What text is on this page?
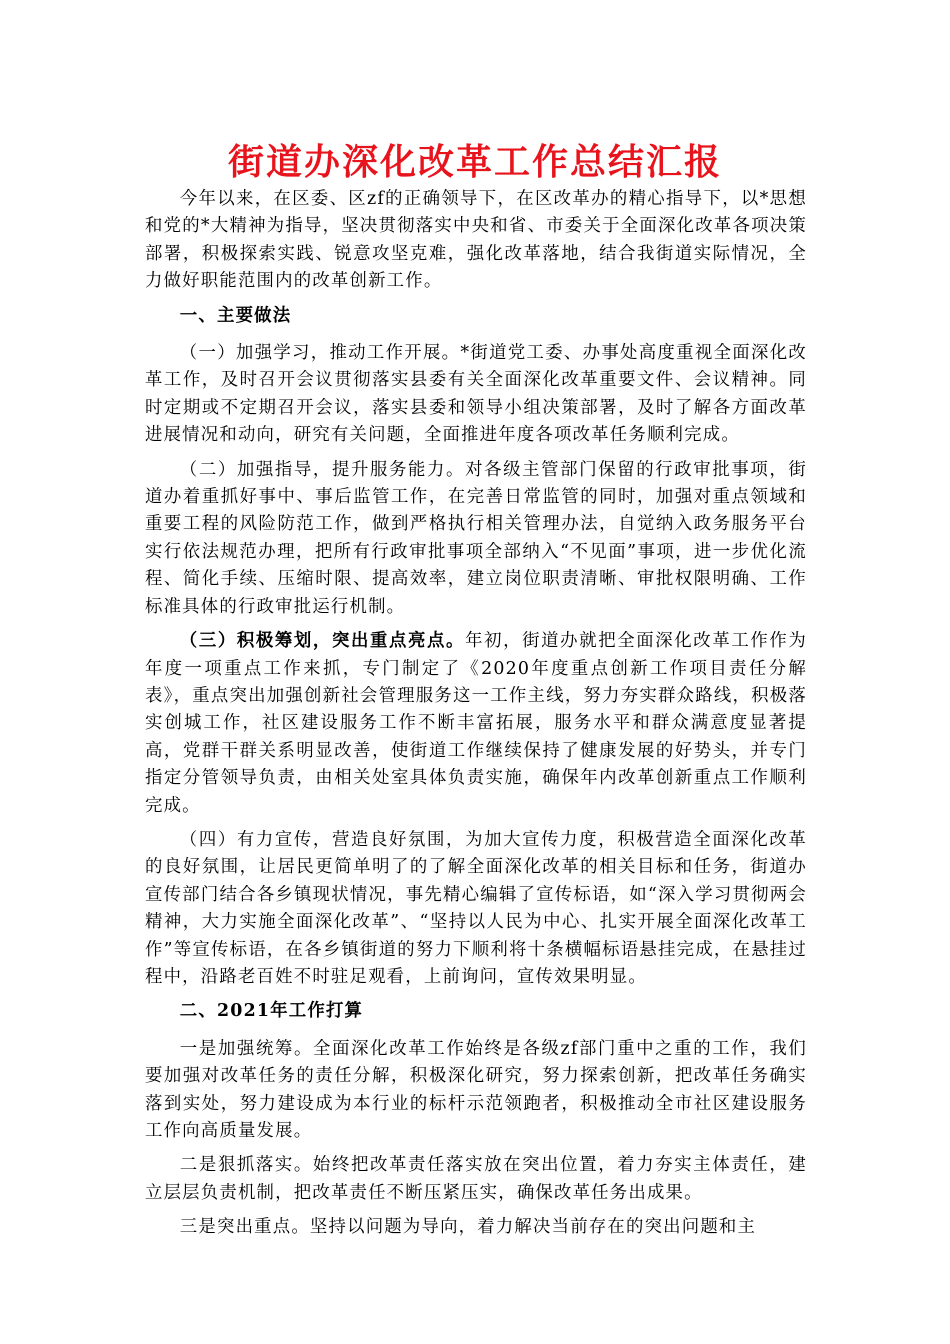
街道办深化改革工作总结汇报

今年以来，在区委、区zf的正确领导下，在区改革办的精心指导下，以*思想和党的*大精神为指导，坚决贯彻落实中央和省、市委关于全面深化改革各项决策部署，积极探索实践、锐意攻坚克难，强化改革落地，结合我街道实际情况，全力做好职能范围内的改革创新工作。

一、主要做法

（一）加强学习，推动工作开展。*街道党工委、办事处高度重视全面深化改革工作，及时召开会议贯彻落实县委有关全面深化改革重要文件、会议精神。同时定期或不定期召开会议，落实县委和领导小组决策部署，及时了解各方面改革进展情况和动向，研究有关问题，全面推进年度各项改革任务顺利完成。

（二）加强指导，提升服务能力。对各级主管部门保留的行政审批事项，街道办着重抓好事中、事后监管工作，在完善日常监管的同时，加强对重点领域和重要工程的风险防范工作，做到严格执行相关管理办法，自觉纳入政务服务平台实行依法规范办理，把所有行政审批事项全部纳入“不见面”事项，进一步优化流程、简化手续、压缩时限、提高效率，建立岗位职责清晰、审批权限明确、工作标准具体的行政审批运行机制。

（三）积极筹划，突出重点亮点。年初，街道办就把全面深化改革工作作为年度一项重点工作来抓，专门制定了《2020年度重点创新工作项目责任分解表》，重点突出加强创新社会管理服务这一工作主线，努力夯实群众路线，积极落实创城工作，社区建设服务工作不断丰富拓展，服务水平和群众满意度显著提高，党群干群关系明显改善，使街道工作继续保持了健康发展的好势头，并专门指定分管领导负责，由相关处室具体负责实施，确保年内改革创新重点工作顺利完成。

（四）有力宣传，营造良好氛围，为加大宣传力度，积极营造全面深化改革的良好氛围，让居民更简单明了的了解全面深化改革的相关目标和任务，街道办宣传部门结合各乡镇现状情况，事先精心编辑了宣传标语，如“深入学习贯彻两会精神，大力实施全面深化改革”、“坚持以人民为中心、扎实开展全面深化改革工作”等宣传标语，在各乡镇街道的努力下顺利将十条横幅标语悬挂完成，在悬挂过程中，沿路老百姓不时驻足观看，上前询问，宣传效果明显。

二、2021年工作打算

一是加强统筹。全面深化改革工作始终是各级zf部门重中之重的工作，我们要加强对改革任务的责任分解，积极深化研究，努力探索创新，把改革任务确实落到实处，努力建设成为本行业的标杆示范领跑者，积极推动全市社区建设服务工作向高质量发展。

二是狠抓落实。始终把改革责任落实放在突出位置，着力夯实主体责任，建立层层负责机制，把改革责任不断压紧压实，确保改革任务出成果。

三是突出重点。坚持以问题为导向，着力解决当前存在的突出问题和主
